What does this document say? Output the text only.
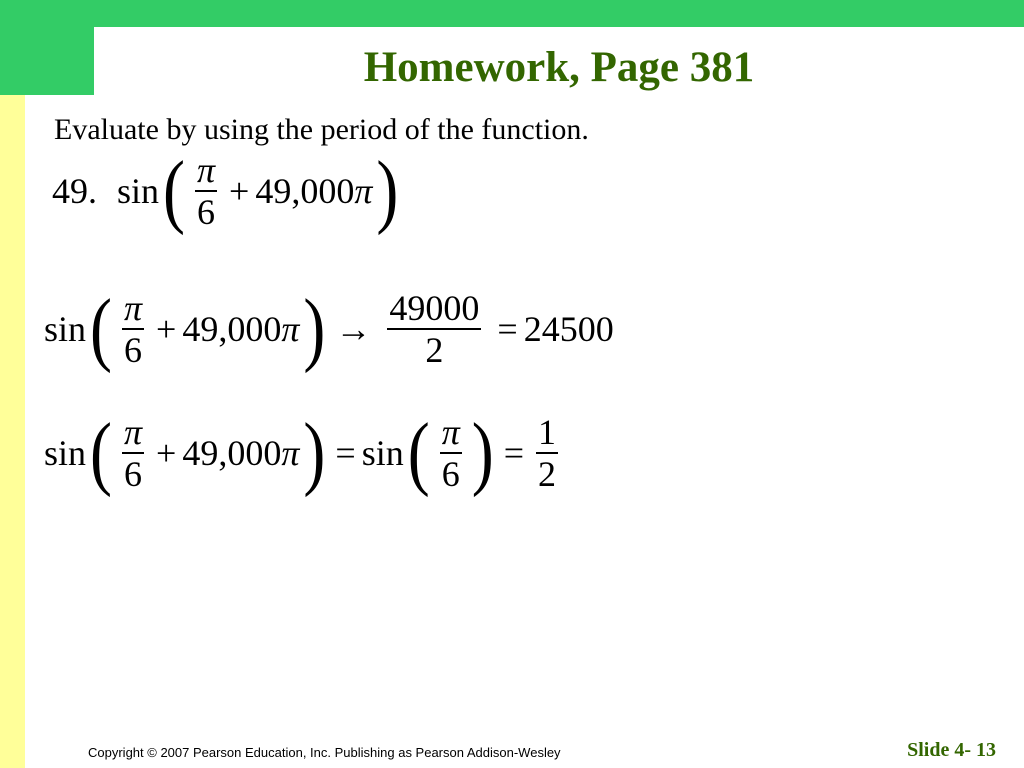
Homework, Page 381
Evaluate by using the period of the function.
49. sin ( $\frac{\pi}{6} + 49,000$ π )
sin ( $\frac{\pi}{6} + 49,000$ π ) → $\frac{49000}{2} = 24500$
sin ( $\frac{\pi}{6} + 49,000$ π ) = sin ( $\frac{\pi}{6}$ ) = $\frac{1}{2}$
Copyright © 2007 Pearson Education, Inc. Publishing as Pearson Addison-Wesley	Slide 4- 13
